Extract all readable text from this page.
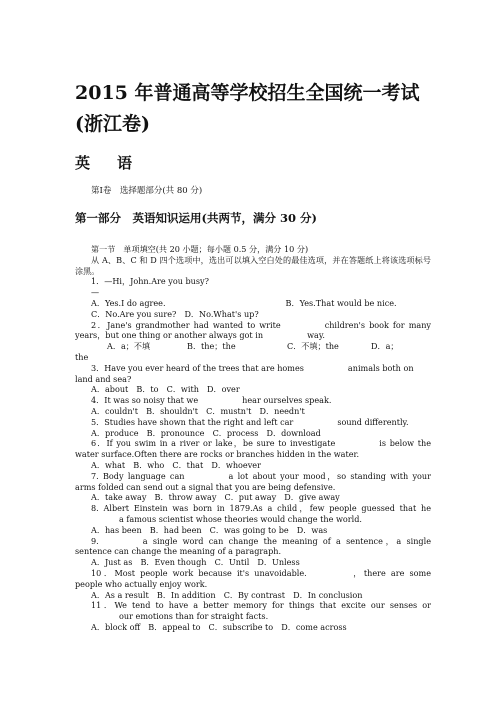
2015 年普通高等学校招生全国统一考试(浙江卷)
英　语
第Ⅰ卷　选择题部分(共 80 分)
第一部分　英语知识运用(共两节，满分 30 分)

第一节　单项填空(共 20 小题；每小题 0.5 分，满分 10 分)

从 A、B、C 和 D 四个选项中，选出可以填入空白处的最佳选项，并在答题纸上将该选项标号涂黑。

1．—Hi，John.Are you busy?

—

A．Yes.I do agree.	B．Yes.That would be nice.

C．No.Are you sure?　D．No.What's up?

2．Jane's grandmother had wanted to write	children's book for many years，but one thing or another always got in	way.

A．a；不填	B．the；the	C．不填；the	D．a；

the

3．Have you ever heard of the trees that are homes	animals both on land and sea?

A．about　B．to　C．with　D．over

4．It was so noisy that we	hear ourselves speak.

A．couldn't　B．shouldn't　C．mustn't　D．needn't

5．Studies have shown that the right and left car	sound differently.

A．produce　B．pronounce　C．process　D．download

6．If you swim in a river or lake，be sure to investigate	is below the water surface.Often there are rocks or branches hidden in the water.

A．what　B．who　C．that　D．whoever

7. Body language can	a lot about your mood，so standing with your arms folded can send out a signal that you are being defensive.

A．take away　B．throw away　C．put away　D．give away

8. Albert Einstein was born in 1879.As a child，few people guessed that hea famous scientist whose theories would change the world.

A．has been　B．had been　C．was going to be　D．was

9.	a single word can change the meaning of a sentence，a single sentence can change the meaning of a paragraph.

A．Just as　B．Even though　C．Until　D．Unless

10．Most people work because it's unavoidable.	，there are some people who actually enjoy work.

A．As a result　B．In addition　C．By contrast　D．In conclusion

11．We tend to have a better memory for things that excite our senses orour emotions than for straight facts.

A．block off　B．appeal to　C．subscribe to　D．come across
